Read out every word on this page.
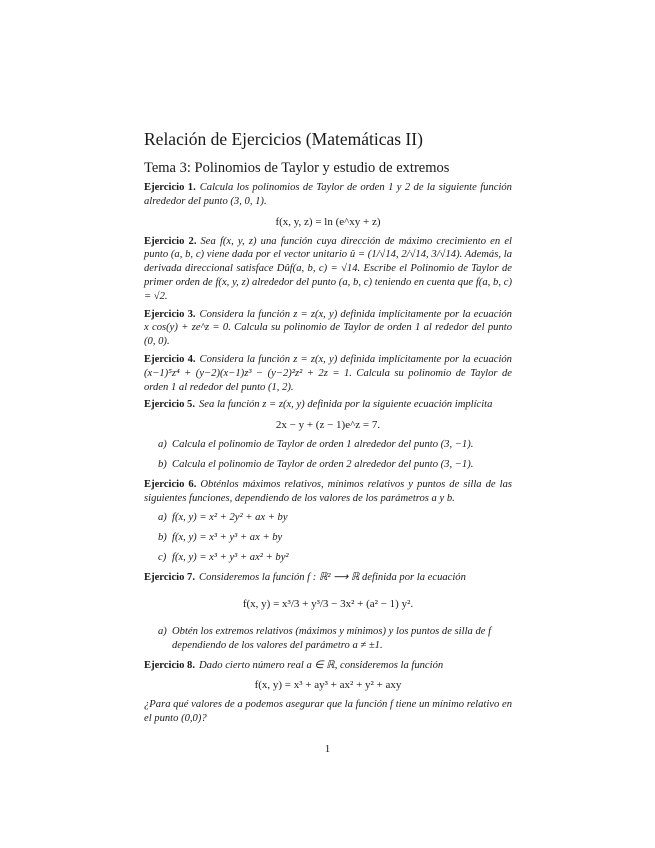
Relación de Ejercicios (Matemáticas II)
Tema 3: Polinomios de Taylor y estudio de extremos

Ejercicio 1. Calcula los polinomios de Taylor de orden 1 y 2 de la siguiente función alrededor del punto (3, 0, 1).

f(x, y, z) = ln (e^xy + z)

Ejercicio 2. Sea f(x, y, z) una función cuya dirección de máximo crecimiento en el punto (a, b, c) viene dada por el vector unitario û = (1/√14, 2/√14, 3/√14). Además, la derivada direccional satisface Dûf(a, b, c) = √14. Escribe el Polinomio de Taylor de primer orden de f(x, y, z) alrededor del punto (a, b, c) teniendo en cuenta que f(a, b, c) = √2.

Ejercicio 3. Considera la función z = z(x, y) definida implícitamente por la ecuación x cos(y) + ze^z = 0. Calcula su polinomio de Taylor de orden 1 al rededor del punto (0, 0).

Ejercicio 4. Considera la función z = z(x, y) definida implícitamente por la ecuación (x−1)⁵z⁴ + (y−2)(x−1)z³ − (y−2)²z² + 2z = 1. Calcula su polinomio de Taylor de orden 1 al rededor del punto (1, 2).

Ejercicio 5. Sea la función z = z(x, y) definida por la siguiente ecuación implícita

2x − y + (z − 1)e^z = 7.
a) Calcula el polinomio de Taylor de orden 1 alrededor del punto (3, −1).
b) Calcula el polinomio de Taylor de orden 2 alrededor del punto (3, −1).

Ejercicio 6. Obténlos máximos relativos, mínimos relativos y puntos de silla de las siguientes funciones, dependiendo de los valores de los parámetros a y b.

a) f(x, y) = x² + 2y² + ax + by
b) f(x, y) = x³ + y³ + ax + by
c) f(x, y) = x³ + y³ + ax² + by²

Ejercicio 7. Consideremos la función f : ℝ² ⟶ ℝ definida por la ecuación

f(x, y) = x³/3 + y³/3 − 3x² + (a² − 1) y².
a) Obtén los extremos relativos (máximos y mínimos) y los puntos de silla de f dependiendo de los valores del parámetro a ≠ ±1.

Ejercicio 8. Dado cierto número real a ∈ ℝ, consideremos la función

f(x, y) = x³ + ay³ + ax² + y² + axy

¿Para qué valores de a podemos asegurar que la función f tiene un mínimo relativo en el punto (0,0)?

1
